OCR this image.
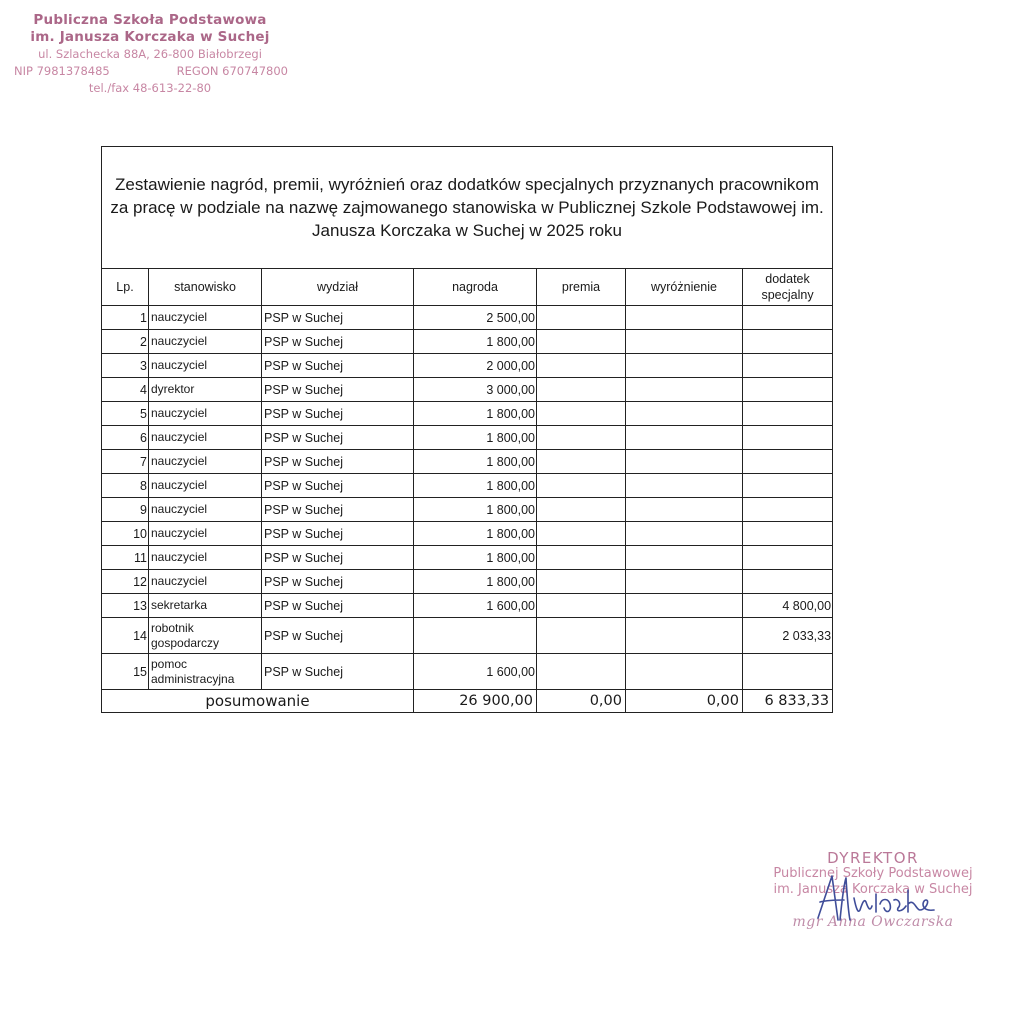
Publiczna Szkoła Podstawowa
im. Janusza Korczaka w Suchej
ul. Szlachecka 88A, 26-800 Białobrzegi
NIP 7981378485	REGON 670747800
tel./fax 48-613-22-80
Zestawienie nagród, premii, wyróżnień oraz dodatków specjalnych przyznanych pracownikom za pracę w podziale na nazwę zajmowanego stanowiska w Publicznej Szkole Podstawowej im. Janusza Korczaka w Suchej w 2025 roku						
Lp.	stanowisko	wydział	nagroda	premia	wyróżnienie	dodatek specjalny
1	nauczyciel	PSP w Suchej	2 500,00			
2	nauczyciel	PSP w Suchej	1 800,00			
3	nauczyciel	PSP w Suchej	2 000,00			
4	dyrektor	PSP w Suchej	3 000,00			
5	nauczyciel	PSP w Suchej	1 800,00			
6	nauczyciel	PSP w Suchej	1 800,00			
7	nauczyciel	PSP w Suchej	1 800,00			
8	nauczyciel	PSP w Suchej	1 800,00			
9	nauczyciel	PSP w Suchej	1 800,00			
10	nauczyciel	PSP w Suchej	1 800,00			
11	nauczyciel	PSP w Suchej	1 800,00			
12	nauczyciel	PSP w Suchej	1 800,00			
13	sekretarka	PSP w Suchej	1 600,00			4 800,00
14	robotnik gospodarczy	PSP w Suchej				2 033,33
15	pomoc administracyjna	PSP w Suchej	1 600,00			
posumowanie			26 900,00	0,00	0,00	6 833,33
DYREKTOR
Publicznej Szkoły Podstawowej
im. Janusza Korczaka w Suchej
mgr Anna Owczarska
